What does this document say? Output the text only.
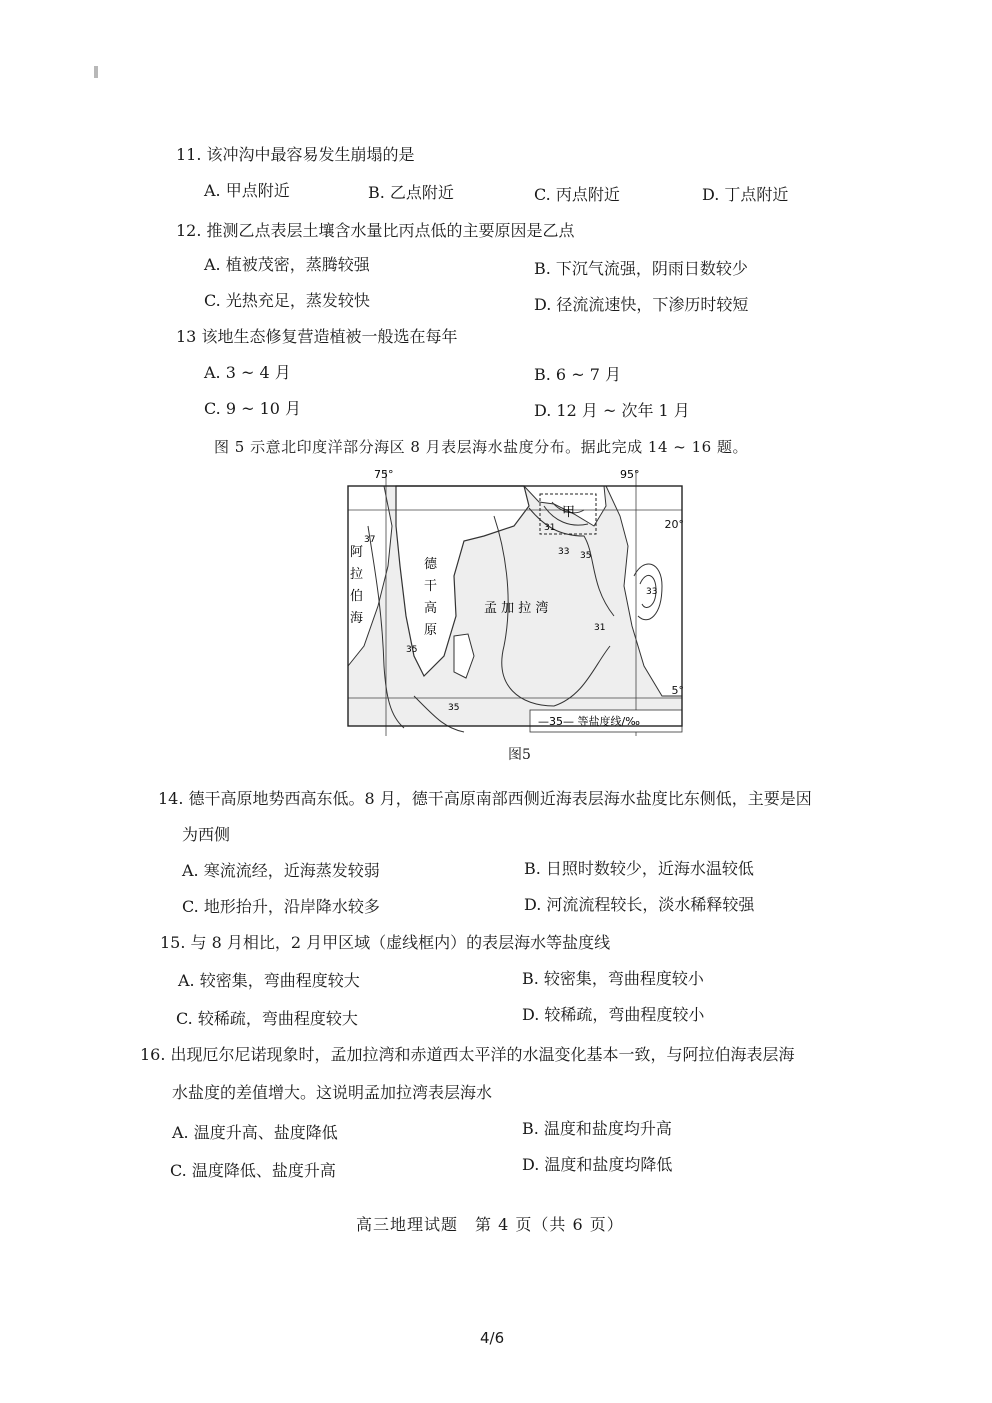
11. 该冲沟中最容易发生崩塌的是
A. 甲点附近	B. 乙点附近	C. 丙点附近	D. 丁点附近
12. 推测乙点表层土壤含水量比丙点低的主要原因是乙点
A. 植被茂密，蒸腾较强	B. 下沉气流强，阴雨日数较少
C. 光热充足，蒸发较快	D. 径流流速快，下渗历时较短
13 该地生态修复营造植被一般选在每年
A. 3 ~ 4 月	B. 6 ~ 7 月
C. 9 ~ 10 月	D. 12 月 ~ 次年 1 月
图 5 示意北印度洋部分海区 8 月表层海水盐度分布。据此完成 14 ~ 16 题。
甲
37
35
33
31
35
33
31
35
阿
拉
伯
海
德
干
高
原
孟 加 拉 湾
75°	95°
20°
5°
—35— 等盐度线/‰
图5
14. 德干高原地势西高东低。8 月，德干高原南部西侧近海表层海水盐度比东侧低，主要是因
为西侧
A. 寒流流经，近海蒸发较弱	B. 日照时数较少，近海水温较低
C. 地形抬升，沿岸降水较多	D. 河流流程较长，淡水稀释较强
15. 与 8 月相比，2 月甲区域（虚线框内）的表层海水等盐度线
A. 较密集，弯曲程度较大	B. 较密集，弯曲程度较小
C. 较稀疏，弯曲程度较大	D. 较稀疏，弯曲程度较小
16. 出现厄尔尼诺现象时，孟加拉湾和赤道西太平洋的水温变化基本一致，与阿拉伯海表层海
水盐度的差值增大。这说明孟加拉湾表层海水
A. 温度升高、盐度降低	B. 温度和盐度均升高
C. 温度降低、盐度升高	D. 温度和盐度均降低
高三地理试题　第 4 页（共 6 页）
4/6
